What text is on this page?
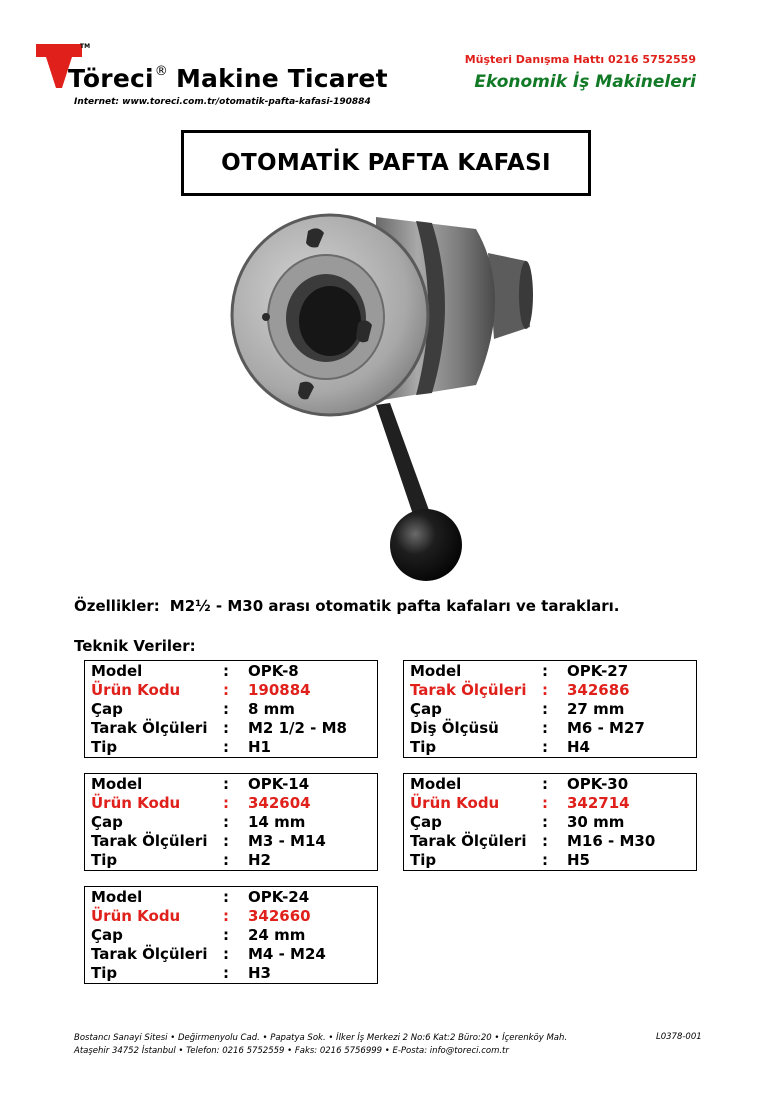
TM
Töreci® Makine Ticaret
Internet: www.toreci.com.tr/otomatik-pafta-kafasi-190884
Müşteri Danışma Hattı 0216 5752559
Ekonomik İş Makineleri
OTOMATİK PAFTA KAFASI
Özellikler: M2½ - M30 arası otomatik pafta kafaları ve tarakları.
Teknik Veriler:
Model	:	OPK-8
Ürün Kodu	:	190884
Çap	:	8 mm
Tarak Ölçüleri	:	M2 1/2 - M8
Tip	:	H1
Model	:	OPK-27
Tarak Ölçüleri	:	342686
Çap	:	27 mm
Diş Ölçüsü	:	M6 - M27
Tip	:	H4
Model	:	OPK-14
Ürün Kodu	:	342604
Çap	:	14 mm
Tarak Ölçüleri	:	M3 - M14
Tip	:	H2
Model	:	OPK-30
Ürün Kodu	:	342714
Çap	:	30 mm
Tarak Ölçüleri	:	M16 - M30
Tip	:	H5
Model	:	OPK-24
Ürün Kodu	:	342660
Çap	:	24 mm
Tarak Ölçüleri	:	M4 - M24
Tip	:	H3
Bostancı Sanayi Sitesi • Değirmenyolu Cad. • Papatya Sok. • İlker İş Merkezi 2 No:6 Kat:2 Büro:20 • İçerenköy Mah.
Ataşehir 34752 İstanbul • Telefon: 0216 5752559 • Faks: 0216 5756999 • E-Posta: info@toreci.com.tr
L0378-001
